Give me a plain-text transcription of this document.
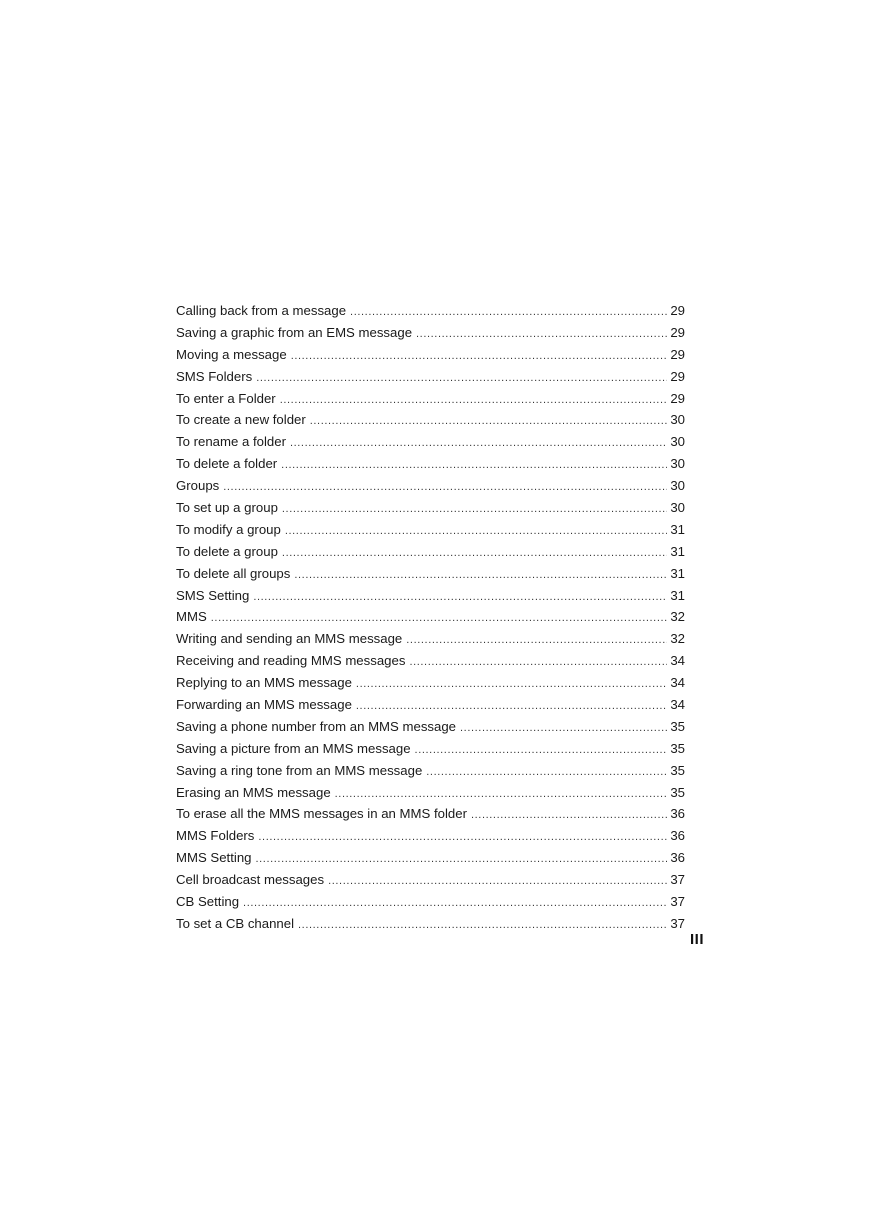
Calling back from a message .....	29
Saving a graphic from an EMS message .....	29
Moving a message .....	29
SMS Folders .....	29
To enter a Folder .....	29
To create a new folder .....	30
To rename a folder .....	30
To delete a folder .....	30
Groups .....	30
To set up a group .....	30
To modify a group .....	31
To delete a group .....	31
To delete all groups .....	31
SMS Setting .....	31
MMS .....	32
Writing and sending an MMS message .....	32
Receiving and reading MMS messages .....	34
Replying to an MMS message .....	34
Forwarding an MMS message .....	34
Saving a phone number from an MMS message .....	35
Saving a picture from an MMS message .....	35
Saving a ring tone from an MMS message .....	35
Erasing an MMS message .....	35
To erase all the MMS messages in an MMS folder .....	36
MMS Folders .....	36
MMS Setting .....	36
Cell broadcast messages .....	37
CB Setting .....	37
To set a CB channel .....	37
III
